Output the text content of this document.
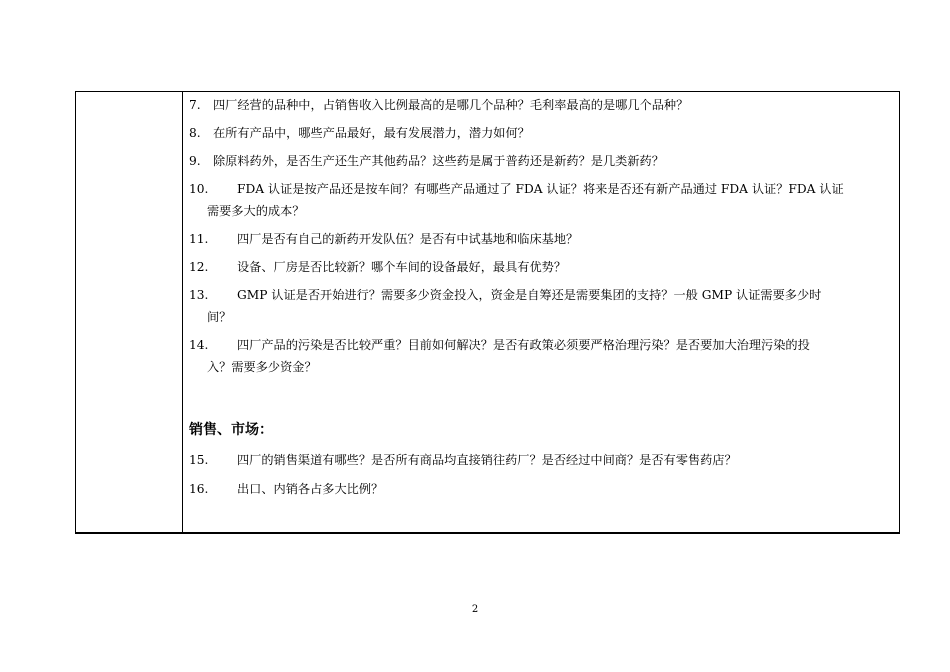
7. 四厂经营的品种中，占销售收入比例最高的是哪几个品种？毛利率最高的是哪几个品种？
8. 在所有产品中，哪些产品最好，最有发展潜力，潜力如何？
9. 除原料药外，是否生产还生产其他药品？这些药是属于普药还是新药？是几类新药？
10. FDA 认证是按产品还是按车间？有哪些产品通过了 FDA 认证？将来是否还有新产品通过 FDA 认证？FDA 认证
需要多大的成本？
11. 四厂是否有自己的新药开发队伍？是否有中试基地和临床基地？
12. 设备、厂房是否比较新？哪个车间的设备最好，最具有优势？
13. GMP 认证是否开始进行？需要多少资金投入，资金是自筹还是需要集团的支持？一般 GMP 认证需要多少时
间？
14. 四厂产品的污染是否比较严重？目前如何解决？是否有政策必须要严格治理污染？是否要加大治理污染的投
入？需要多少资金？
销售、市场：
15. 四厂的销售渠道有哪些？是否所有商品均直接销往药厂？是否经过中间商？是否有零售药店？
16. 出口、内销各占多大比例？
2
